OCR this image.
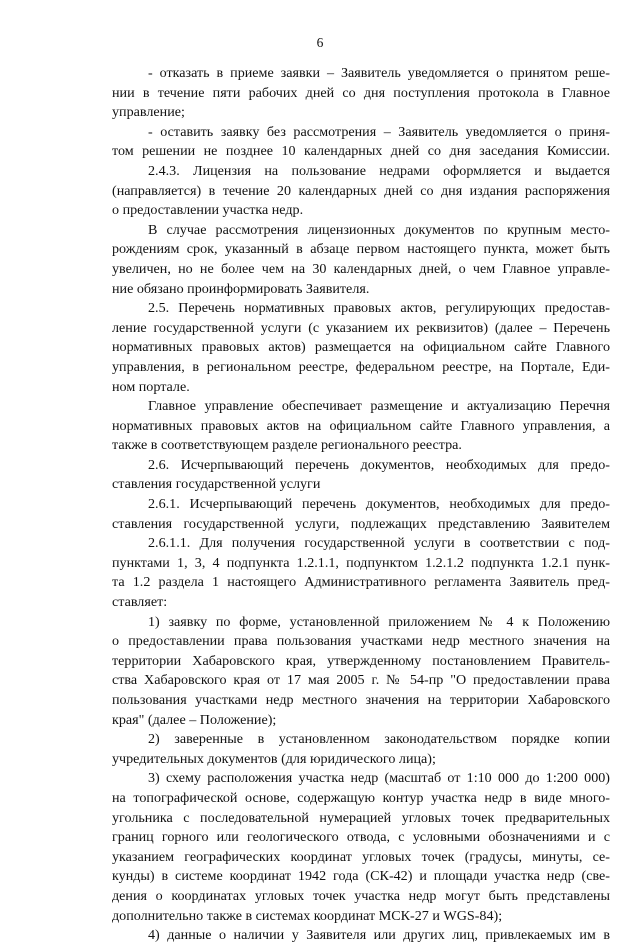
6
- отказать в приеме заявки – Заявитель уведомляется о принятом реше-
нии в течение пяти рабочих дней со дня поступления протокола в Главное
управление;
- оставить заявку без рассмотрения – Заявитель уведомляется о приня-
том решении не позднее 10 календарных дней со дня заседания Комиссии.
2.4.3. Лицензия на пользование недрами оформляется и выдается
(направляется) в течение 20 календарных дней со дня издания распоряжения
о предоставлении участка недр.
В случае рассмотрения лицензионных документов по крупным место-
рождениям срок, указанный в абзаце первом настоящего пункта, может быть
увеличен, но не более чем на 30 календарных дней, о чем Главное управле-
ние обязано проинформировать Заявителя.
2.5. Перечень нормативных правовых актов, регулирующих предостав-
ление государственной услуги (с указанием их реквизитов) (далее – Перечень
нормативных правовых актов) размещается на официальном сайте Главного
управления, в региональном реестре, федеральном реестре, на Портале, Еди-
ном портале.
Главное управление обеспечивает размещение и актуализацию Перечня
нормативных правовых актов на официальном сайте Главного управления, а
также в соответствующем разделе регионального реестра.
2.6. Исчерпывающий перечень документов, необходимых для предо-
ставления государственной услуги
2.6.1. Исчерпывающий перечень документов, необходимых для предо-
ставления государственной услуги, подлежащих представлению Заявителем
2.6.1.1. Для получения государственной услуги в соответствии с под-
пунктами 1, 3, 4 подпункта 1.2.1.1, подпунктом 1.2.1.2 подпункта 1.2.1 пунк-
та 1.2 раздела 1 настоящего Административного регламента Заявитель пред-
ставляет:
1) заявку по форме, установленной приложением № 4 к Положению
о предоставлении права пользования участками недр местного значения на
территории Хабаровского края, утвержденному постановлением Правитель-
ства Хабаровского края от 17 мая 2005 г. № 54-пр "О предоставлении права
пользования участками недр местного значения на территории Хабаровского
края" (далее – Положение);
2) заверенные в установленном законодательством порядке копии
учредительных документов (для юридического лица);
3) схему расположения участка недр (масштаб от 1:10 000 до 1:200 000)
на топографической основе, содержащую контур участка недр в виде много-
угольника с последовательной нумерацией угловых точек предварительных
границ горного или геологического отвода, с условными обозначениями и с
указанием географических координат угловых точек (градусы, минуты, се-
кунды) в системе координат 1942 года (СК-42) и площади участка недр (све-
дения о координатах угловых точек участка недр могут быть представлены
дополнительно также в системах координат МСК-27 и WGS-84);
4) данные о наличии у Заявителя или других лиц, привлекаемых им в
